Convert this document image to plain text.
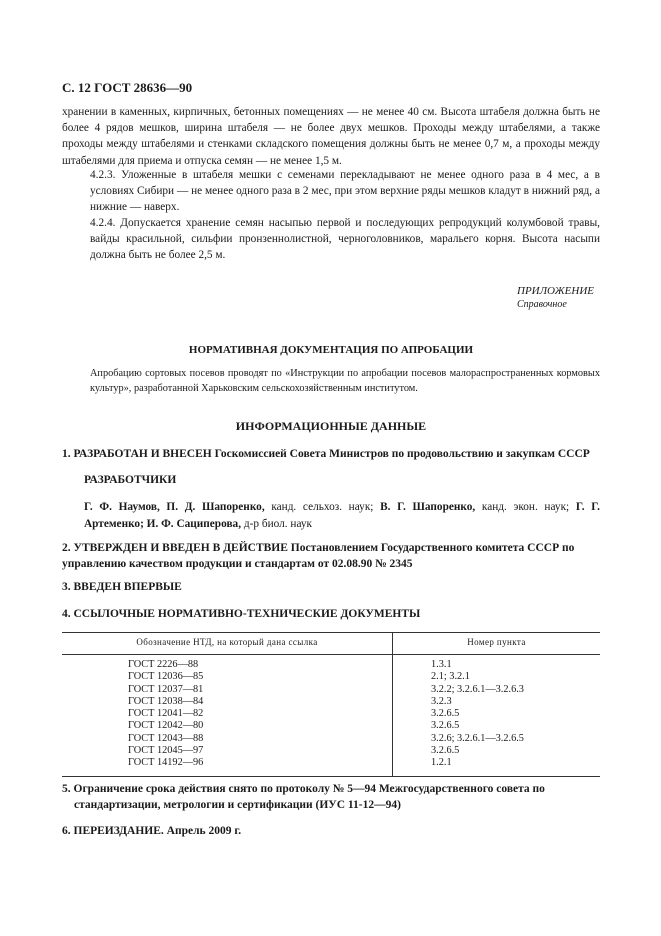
С. 12 ГОСТ 28636—90
хранении в каменных, кирпичных, бетонных помещениях — не менее 40 см. Высота штабеля должна быть не более 4 рядов мешков, ширина штабеля — не более двух мешков. Проходы между штабелями, а также проходы между штабелями и стенками складского помещения должны быть не менее 0,7 м, а проходы между штабелями для приема и отпуска семян — не менее 1,5 м.
4.2.3. Уложенные в штабеля мешки с семенами перекладывают не менее одного раза в 4 мес, а в условиях Сибири — не менее одного раза в 2 мес, при этом верхние ряды мешков кладут в нижний ряд, а нижние — наверх.
4.2.4. Допускается хранение семян насыпью первой и последующих репродукций колумбовой травы, вайды красильной, сильфии пронзеннолистной, черноголовников, маральего корня. Высота насыпи должна быть не более 2,5 м.
ПРИЛОЖЕНИЕ
Справочное
НОРМАТИВНАЯ ДОКУМЕНТАЦИЯ ПО АПРОБАЦИИ
Апробацию сортовых посевов проводят по «Инструкции по апробации посевов малораспространенных кормовых культур», разработанной Харьковским сельскохозяйственным институтом.
ИНФОРМАЦИОННЫЕ ДАННЫЕ
1. РАЗРАБОТАН И ВНЕСЕН Госкомиссией Совета Министров по продовольствию и закупкам СССР
РАЗРАБОТЧИКИ
Г. Ф. Наумов, П. Д. Шапоренко, канд. сельхоз. наук; В. Г. Шапоренко, канд. экон. наук; Г. Г. Артеменко; И. Ф. Сациперова, д-р биол. наук
2. УТВЕРЖДЕН И ВВЕДЕН В ДЕЙСТВИЕ Постановлением Государственного комитета СССР по управлению качеством продукции и стандартам от 02.08.90 № 2345
3. ВВЕДЕН ВПЕРВЫЕ
4. ССЫЛОЧНЫЕ НОРМАТИВНО-ТЕХНИЧЕСКИЕ ДОКУМЕНТЫ
Обозначение НТД, на который дана ссылка	Номер пункта
ГОСТ 2226—88	1.3.1
ГОСТ 12036—85	2.1; 3.2.1
ГОСТ 12037—81	3.2.2; 3.2.6.1—3.2.6.3
ГОСТ 12038—84	3.2.3
ГОСТ 12041—82	3.2.6.5
ГОСТ 12042—80	3.2.6.5
ГОСТ 12043—88	3.2.6; 3.2.6.1—3.2.6.5
ГОСТ 12045—97	3.2.6.5
ГОСТ 14192—96	1.2.1
5. Ограничение срока действия снято по протоколу № 5—94 Межгосударственного совета по стандартизации, метрологии и сертификации (ИУС 11-12—94)
6. ПЕРЕИЗДАНИЕ. Апрель 2009 г.
